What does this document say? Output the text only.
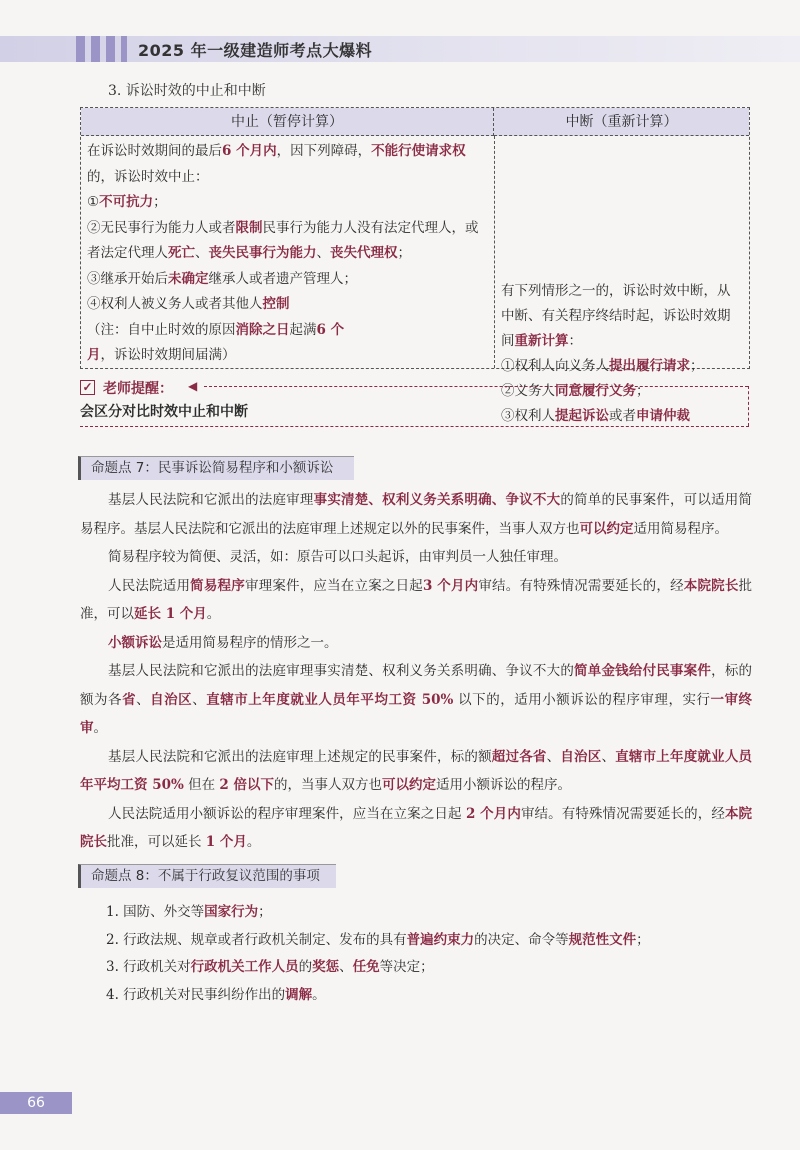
2025 年一级建造师考点大爆料
3. 诉讼时效的中止和中断
中止（暂停计算）	中断（重新计算）

在诉讼时效期间的最后6 个月内，因下列障碍，不能行使请求权的，诉讼时效中止：

①不可抗力；

②无民事行为能力人或者限制民事行为能力人没有法定代理人，或者法定代理人死亡、丧失民事行为能力、丧失代理权；

③继承开始后未确定继承人或者遗产管理人；

④权利人被义务人或者其他人控制

（注：自中止时效的原因消除之日起满6 个月，诉讼时效期间届满）

有下列情形之一的，诉讼时效中断，从中断、有关程序终结时起，诉讼时效期间重新计算：

①权利人向义务人提出履行请求；

②义务人同意履行义务；

③权利人提起诉讼或者申请仲裁

✓ 老师提醒： ◀
会区分对比时效中止和中断
命题点 7：民事诉讼简易程序和小额诉讼

基层人民法院和它派出的法庭审理事实清楚、权利义务关系明确、争议不大的简单的民事案件，可以适用简易程序。基层人民法院和它派出的法庭审理上述规定以外的民事案件，当事人双方也可以约定适用简易程序。

简易程序较为简便、灵活，如：原告可以口头起诉，由审判员一人独任审理。

人民法院适用简易程序审理案件，应当在立案之日起3 个月内审结。有特殊情况需要延长的，经本院院长批准，可以延长 1 个月。

小额诉讼是适用简易程序的情形之一。

基层人民法院和它派出的法庭审理事实清楚、权利义务关系明确、争议不大的简单金钱给付民事案件，标的额为各省、自治区、直辖市上年度就业人员年平均工资 50% 以下的，适用小额诉讼的程序审理，实行一审终审。

基层人民法院和它派出的法庭审理上述规定的民事案件，标的额超过各省、自治区、直辖市上年度就业人员年平均工资 50% 但在 2 倍以下的，当事人双方也可以约定适用小额诉讼的程序。

人民法院适用小额诉讼的程序审理案件，应当在立案之日起 2 个月内审结。有特殊情况需要延长的，经本院院长批准，可以延长 1 个月。

命题点 8：不属于行政复议范围的事项

1. 国防、外交等国家行为；

2. 行政法规、规章或者行政机关制定、发布的具有普遍约束力的决定、命令等规范性文件；

3. 行政机关对行政机关工作人员的奖惩、任免等决定；

4. 行政机关对民事纠纷作出的调解。

66
